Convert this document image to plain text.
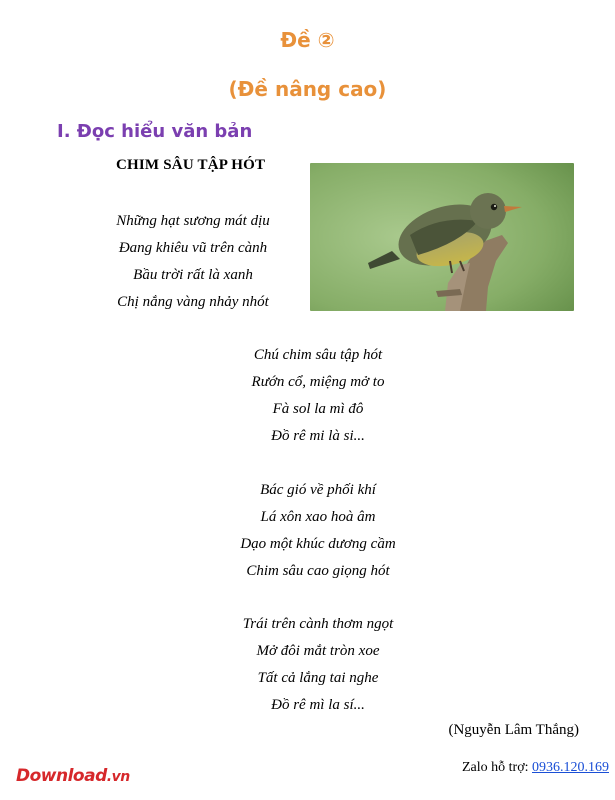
Đề ②
(Đề nâng cao)
I. Đọc hiểu văn bản
CHIM SÂU TẬP HÓT
Những hạt sương mát dịu
Đang khiêu vũ trên cành
Bầu trời rất là xanh
Chị nắng vàng nhảy nhót
Chú chim sâu tập hót
Rướn cổ, miệng mở to
Fà sol la mì đô
Đồ rê mi là si...
Bác gió về phối khí
Lá xôn xao hoà âm
Dạo một khúc dương cầm
Chim sâu cao giọng hót
Trái trên cành thơm ngọt
Mở đôi mắt tròn xoe
Tất cả lắng tai nghe
Đồ rê mì la sí...
(Nguyễn Lâm Thắng)
Download.vn
Zalo hỗ trợ: 0936.120.169
